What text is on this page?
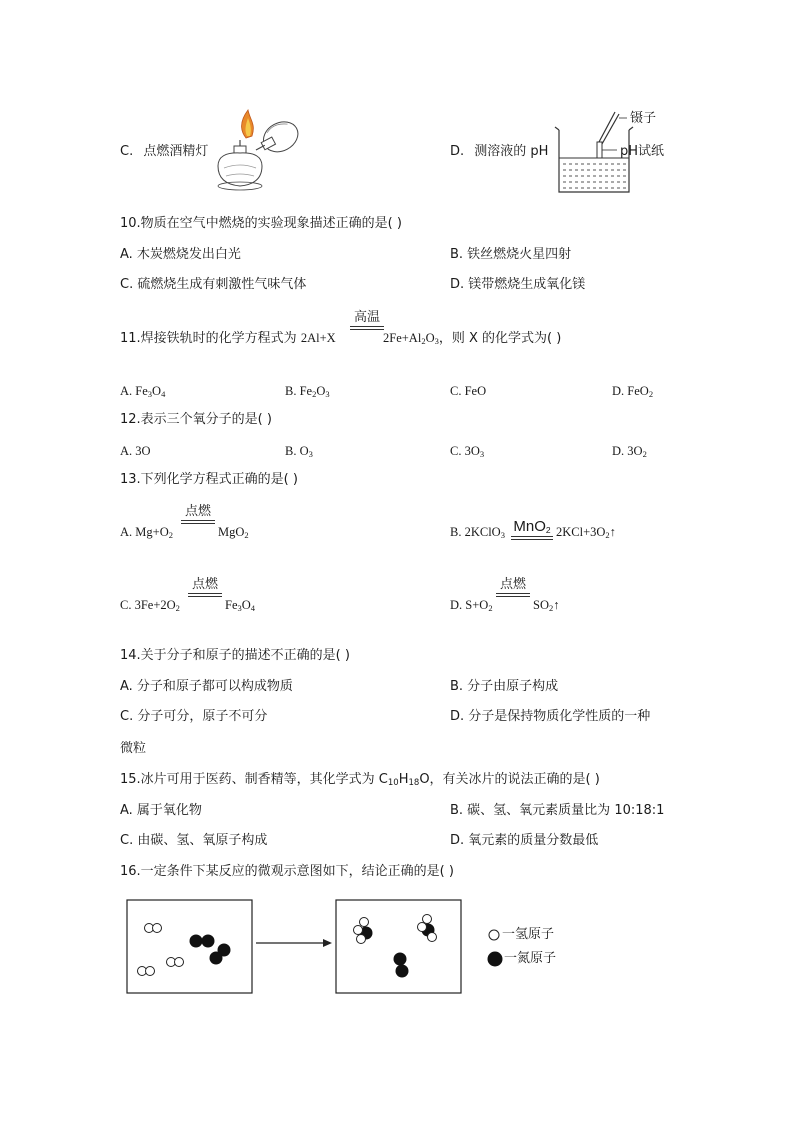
C. 点燃酒精灯	D. 测溶液的 pH
镊子
pH试纸
10.物质在空气中燃烧的实验现象描述正确的是( )
A. 木炭燃烧发出白光	B. 铁丝燃烧火星四射
C. 硫燃烧生成有刺激性气味气体	D. 镁带燃烧生成氧化镁
11.焊接铁轨时的化学方程式为 2Al+X
高温
$2Fe+Al_2O_3$，则 X 的化学式为( )
A. $Fe_3O_4$	B. $Fe_2O_3$	C. FeO	D. FeO$_2$
12.表示三个氧分子的是( )
A. 3O	B. $O_3$	C. $3O_3$	D. $3O_2$
13.下列化学方程式正确的是( )
A. $Mg+O_2$
点燃
MgO$_2$	B. 2KClO$_3$ MnO$_2$ $2KCl+3O_2↑$
C. $3Fe+2O_2$
点燃
$Fe_3O_4$	D. $S+O_2$
点燃
$SO_2↑$
14.关于分子和原子的描述不正确的是( )
A. 分子和原子都可以构成物质	B. 分子由原子构成
C. 分子可分，原子不可分	D. 分子是保持物质化学性质的一种
微粒
15.冰片可用于医药、制香精等，其化学式为 $C_{10}H_{18}O$，有关冰片的说法正确的是( )
A. 属于氧化物	B. 碳、氢、氧元素质量比为 10:18:1
C. 由碳、氢、氧原子构成	D. 氧元素的质量分数最低
16.一定条件下某反应的微观示意图如下，结论正确的是( )
一氢原子
一氮原子
